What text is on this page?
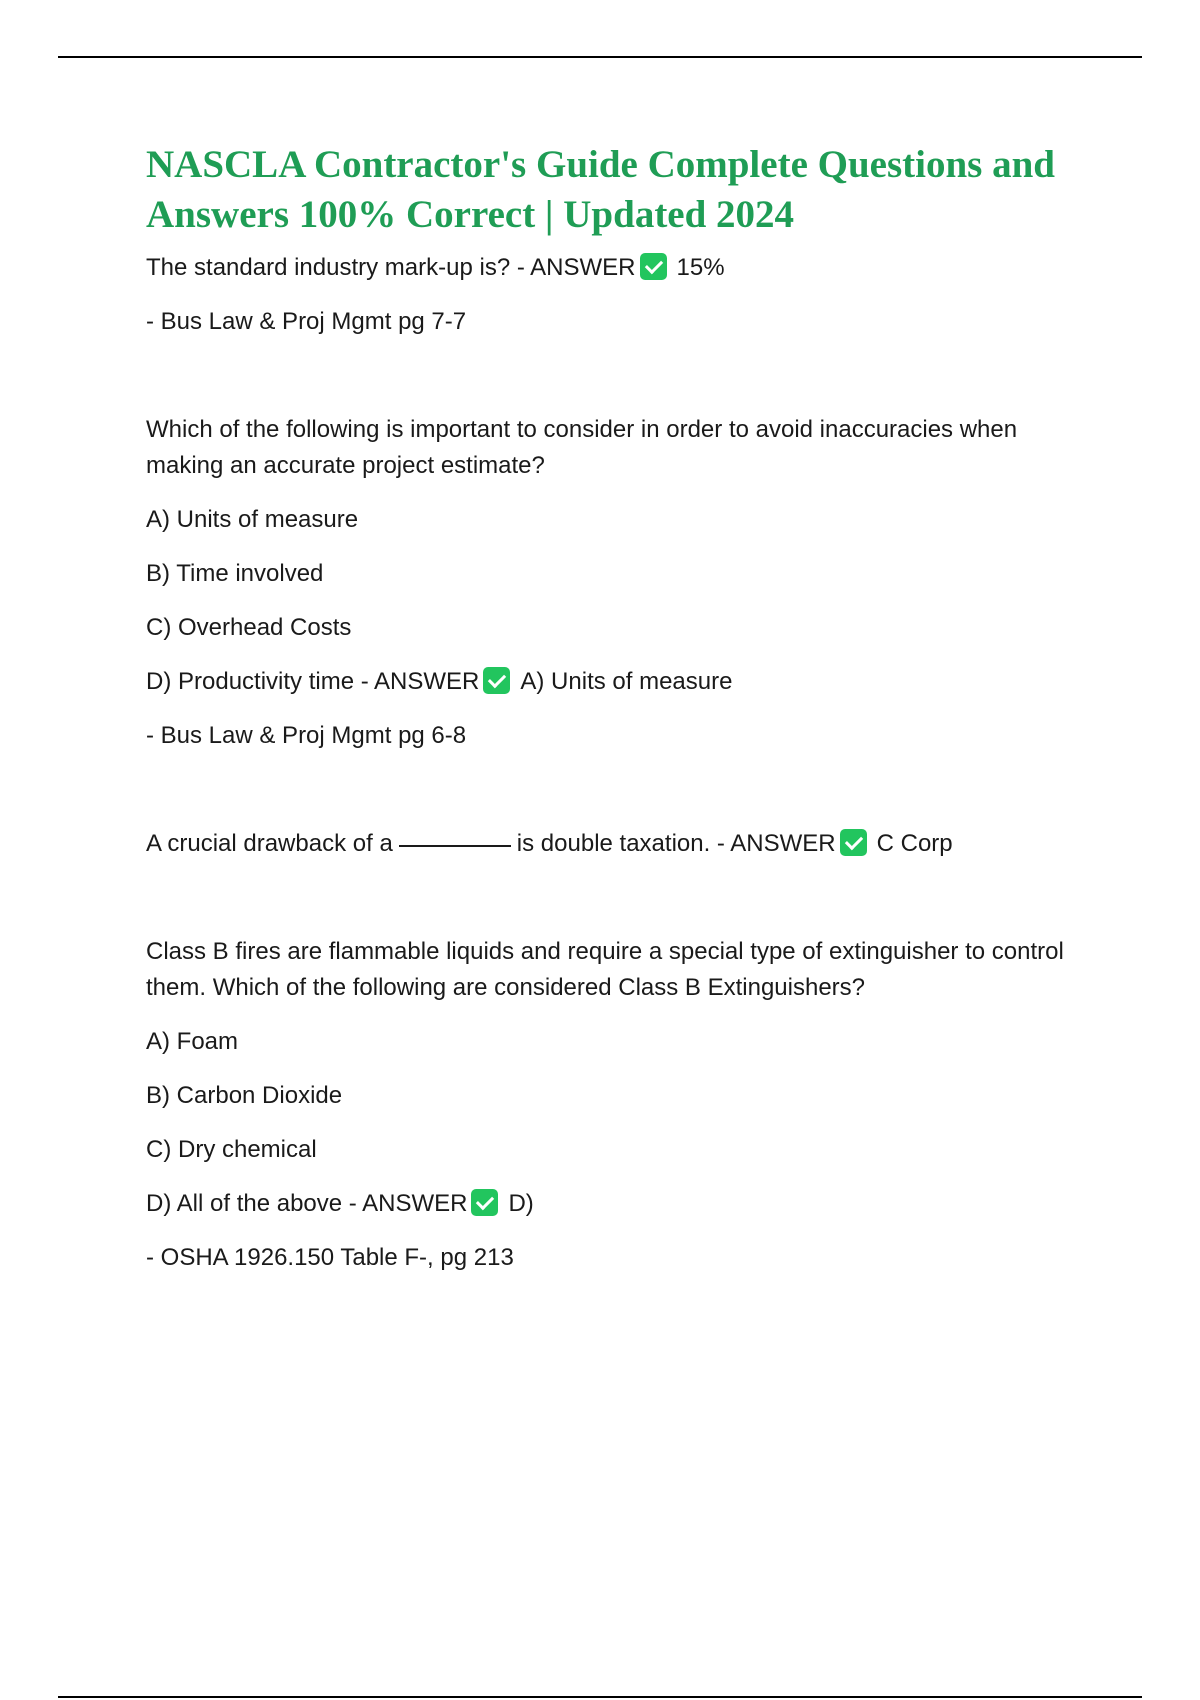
NASCLA Contractor's Guide Complete Questions and Answers 100% Correct | Updated 2024
The standard industry mark-up is? - ANSWER 15%
- Bus Law & Proj Mgmt pg 7-7
Which of the following is important to consider in order to avoid inaccuracies when making an accurate project estimate?
A) Units of measure
B) Time involved
C) Overhead Costs
D) Productivity time - ANSWER A) Units of measure
- Bus Law & Proj Mgmt pg 6-8
A crucial drawback of a	is double taxation. - ANSWER C Corp
Class B fires are flammable liquids and require a special type of extinguisher to control them. Which of the following are considered Class B Extinguishers?
A) Foam
B) Carbon Dioxide
C) Dry chemical
D) All of the above - ANSWER D)
- OSHA 1926.150 Table F-, pg 213
